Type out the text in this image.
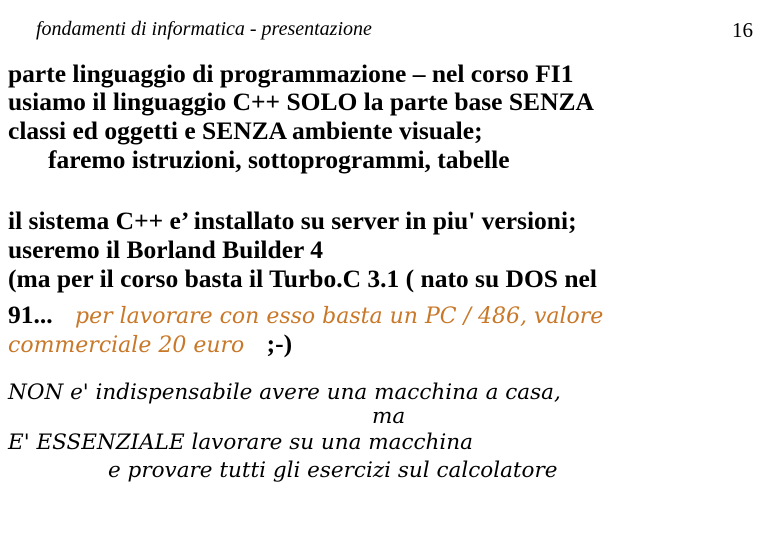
fondamenti di informatica - presentazione	16
parte linguaggio di programmazione – nel corso FI1
usiamo il linguaggio C++ SOLO la parte base SENZA
classi ed oggetti e SENZA ambiente visuale;
faremo istruzioni, sottoprogrammi, tabelle
il sistema C++ e’ installato su server in piu' versioni;
useremo il Borland Builder 4
(ma per il corso basta il Turbo.C 3.1 ( nato su DOS nel
91... per lavorare con esso basta un PC / 486, valore
commerciale 20 euro ;-)
NON e' indispensabile avere una macchina a casa,
ma
E' ESSENZIALE lavorare su una macchina
e provare tutti gli esercizi sul calcolatore
